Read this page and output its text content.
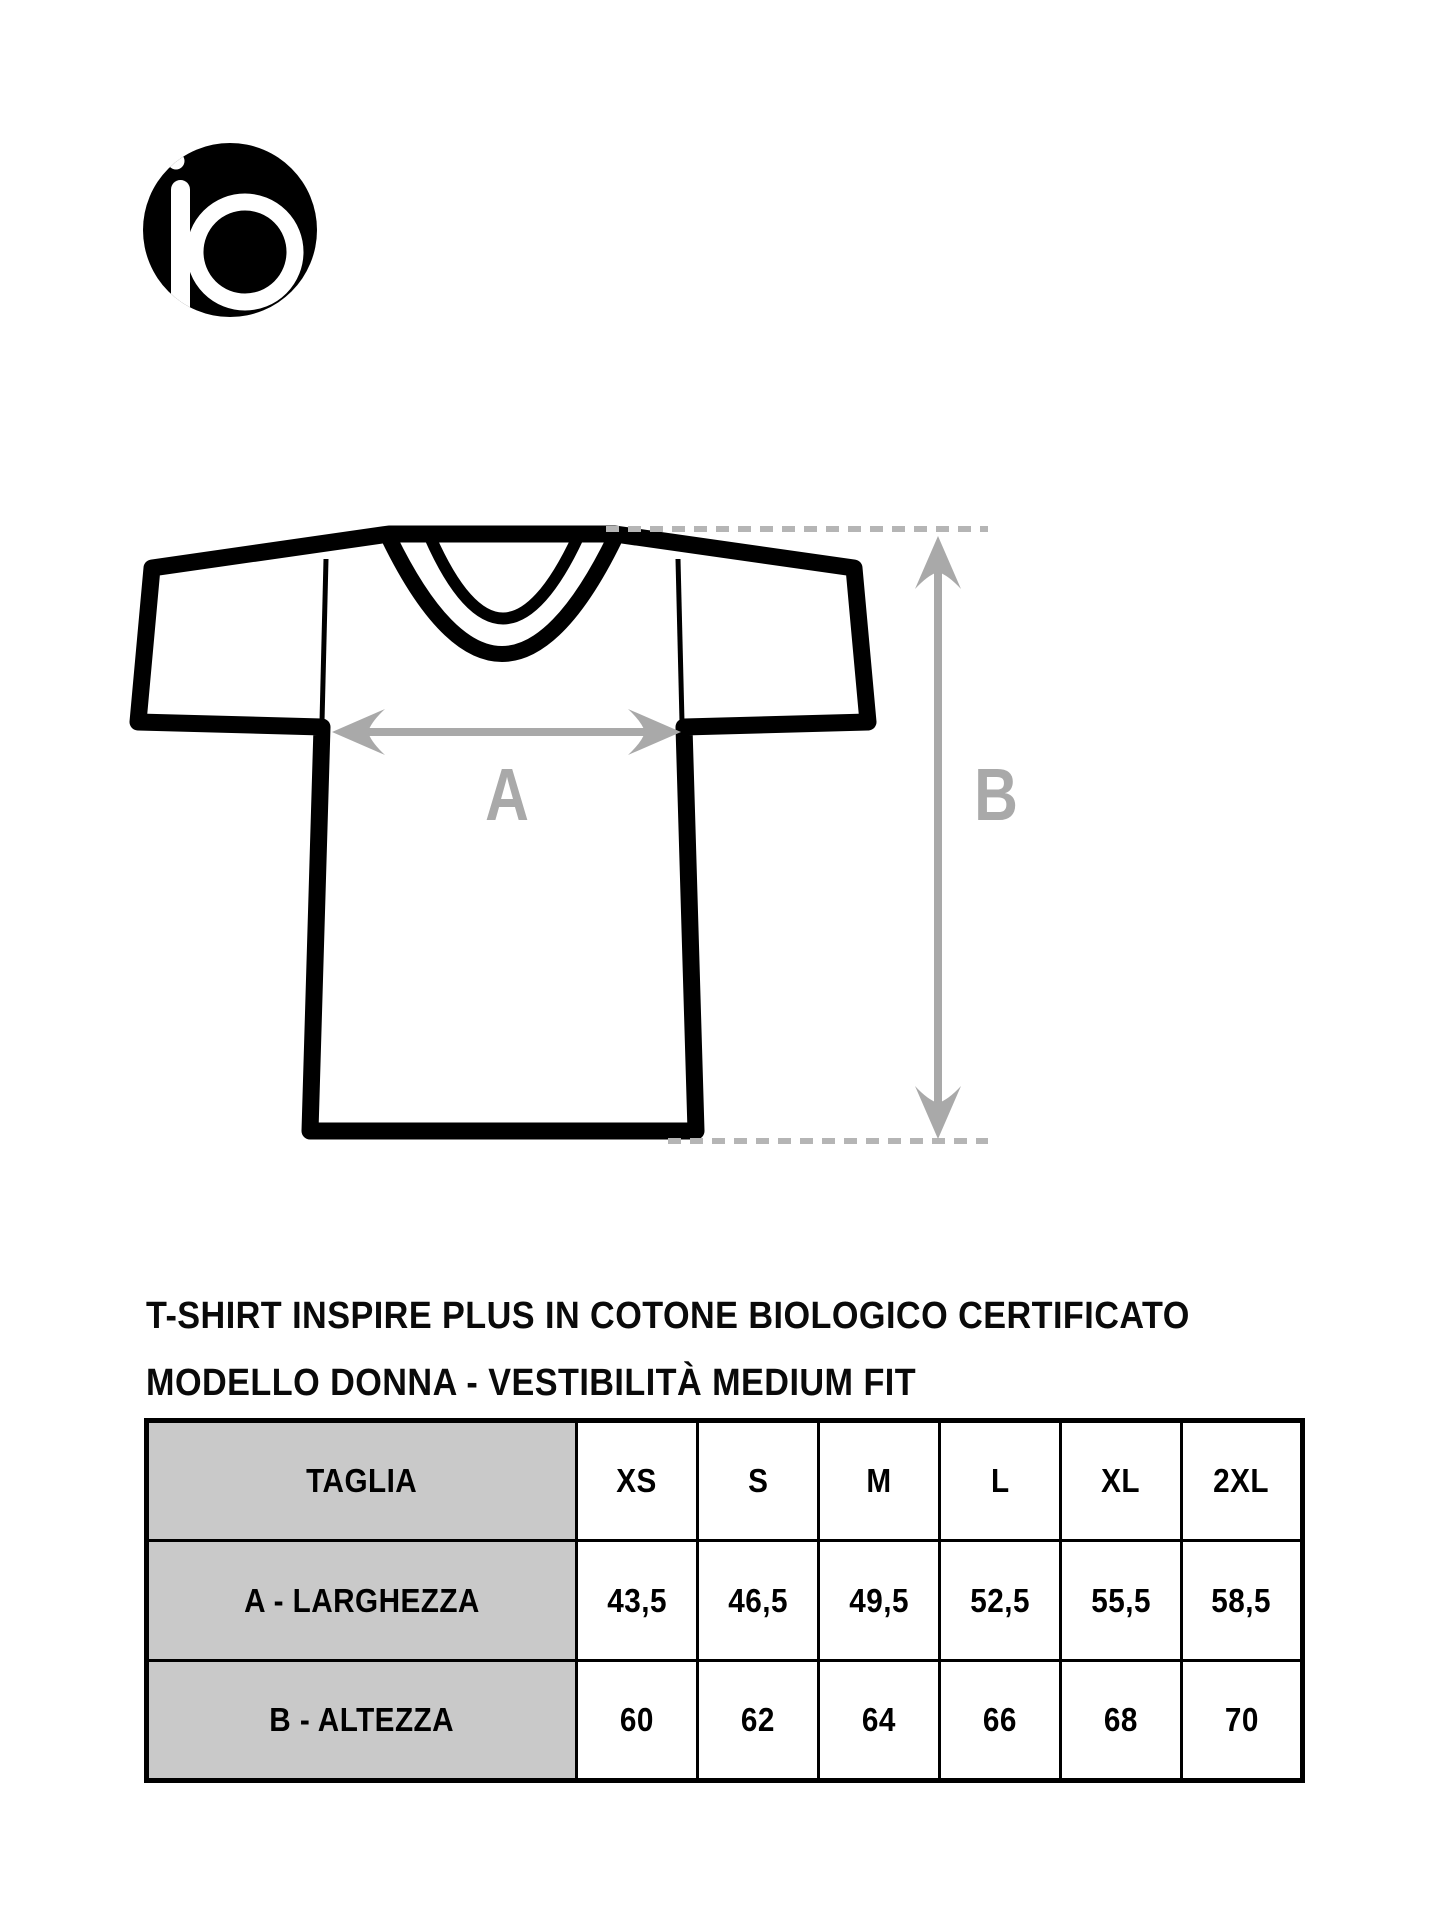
A	B
T-SHIRT INSPIRE PLUS IN COTONE BIOLOGICO CERTIFICATO
MODELLO DONNA - VESTIBILITÀ MEDIUM FIT
TAGLIA	XS	S	M	L	XL	2XL
A - LARGHEZZA	43,5	46,5	49,5	52,5	55,5	58,5
B - ALTEZZA	60	62	64	66	68	70
